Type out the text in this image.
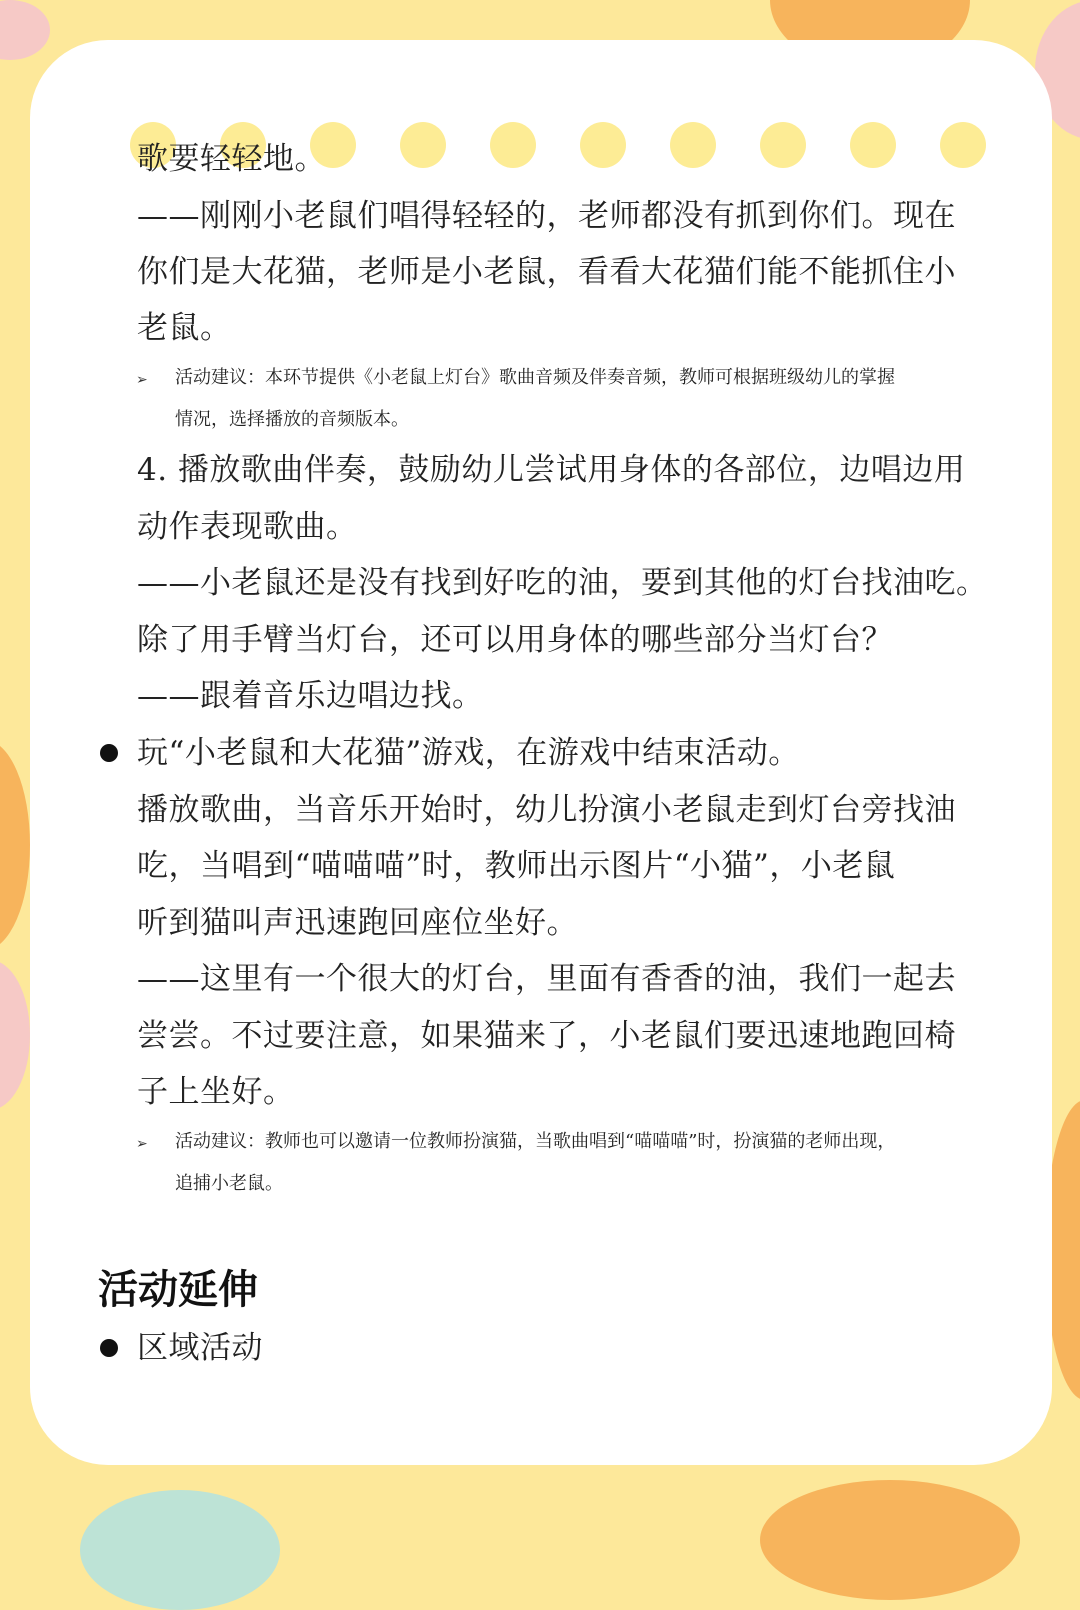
歌要轻轻地。

——刚刚小老鼠们唱得轻轻的，老师都没有抓到你们。现在

你们是大花猫，老师是小老鼠，看看大花猫们能不能抓住小

老鼠。

➢ 活动建议：本环节提供《小老鼠上灯台》歌曲音频及伴奏音频，教师可根据班级幼儿的掌握

情况，选择播放的音频版本。

4. 播放歌曲伴奏，鼓励幼儿尝试用身体的各部位，边唱边用

动作表现歌曲。

——小老鼠还是没有找到好吃的油，要到其他的灯台找油吃。

除了用手臂当灯台，还可以用身体的哪些部分当灯台？

——跟着音乐边唱边找。

玩“小老鼠和大花猫”游戏，在游戏中结束活动。

播放歌曲，当音乐开始时，幼儿扮演小老鼠走到灯台旁找油

吃，当唱到“喵喵喵”时，教师出示图片“小猫”，小老鼠

听到猫叫声迅速跑回座位坐好。

——这里有一个很大的灯台，里面有香香的油，我们一起去

尝尝。不过要注意，如果猫来了，小老鼠们要迅速地跑回椅

子上坐好。

➢ 活动建议：教师也可以邀请一位教师扮演猫，当歌曲唱到“喵喵喵”时，扮演猫的老师出现，

追捕小老鼠。

活动延伸

区域活动
